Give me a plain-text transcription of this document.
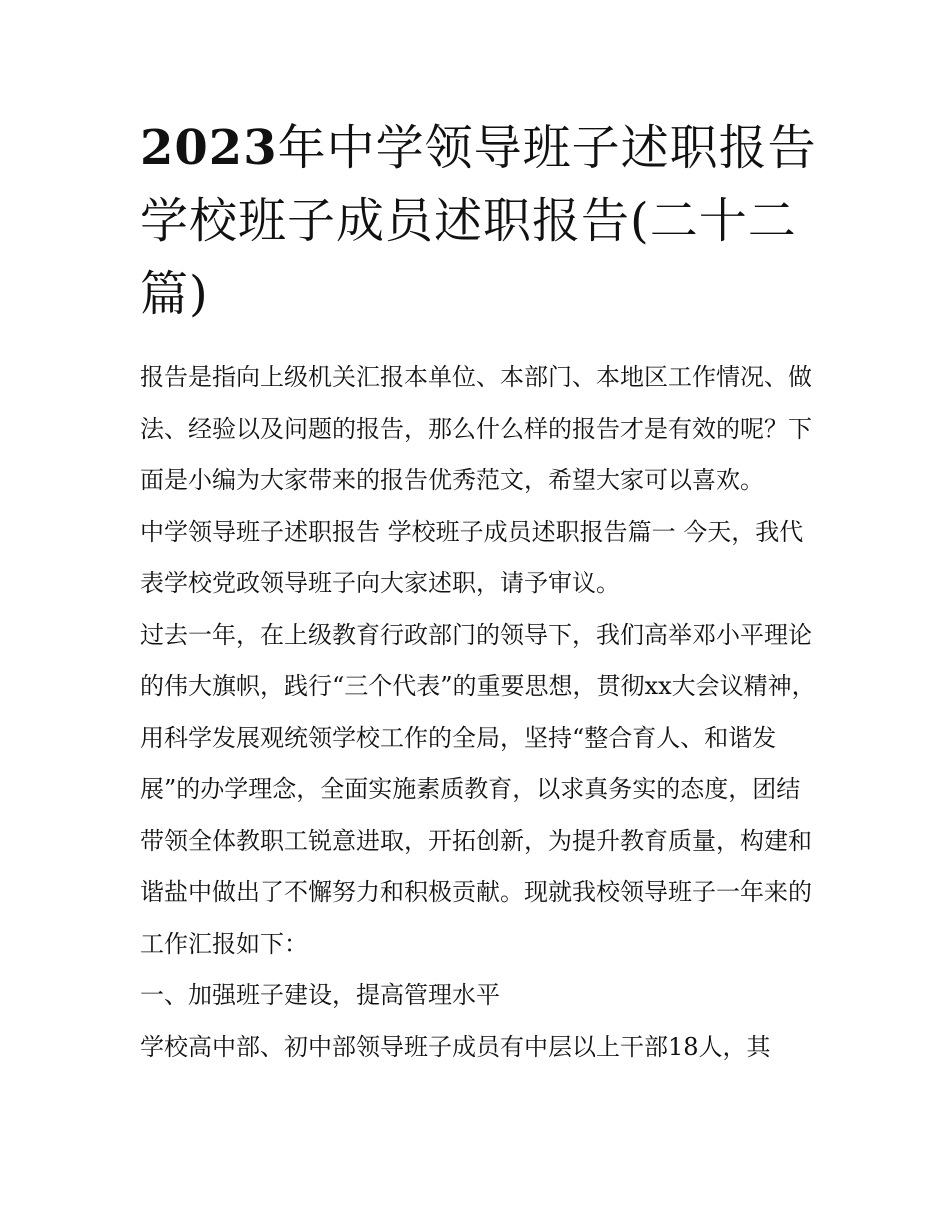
2023年中学领导班子述职报告 学校班子成员述职报告(二十二篇)

报告是指向上级机关汇报本单位、本部门、本地区工作情况、做法、经验以及问题的报告，那么什么样的报告才是有效的呢？下面是小编为大家带来的报告优秀范文，希望大家可以喜欢。

中学领导班子述职报告 学校班子成员述职报告篇一 今天，我代表学校党政领导班子向大家述职，请予审议。

过去一年，在上级教育行政部门的领导下，我们高举邓小平理论的伟大旗帜，践行“三个代表”的重要思想，贯彻xx大会议精神，用科学发展观统领学校工作的全局，坚持“整合育人、和谐发展”的办学理念，全面实施素质教育，以求真务实的态度，团结带领全体教职工锐意进取，开拓创新，为提升教育质量，构建和谐盐中做出了不懈努力和积极贡献。现就我校领导班子一年来的工作汇报如下：

一、加强班子建设，提高管理水平

学校高中部、初中部领导班子成员有中层以上干部18人，其
